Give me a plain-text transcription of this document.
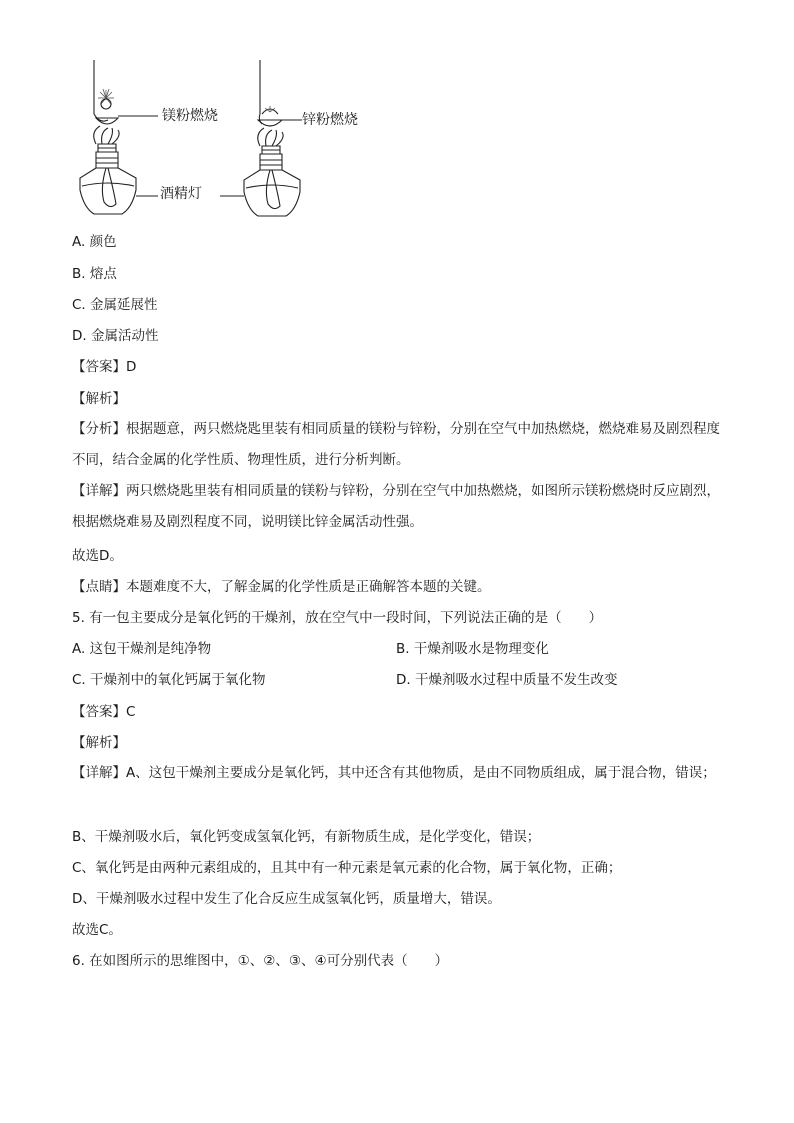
镁粉燃烧	锌粉燃烧
酒精灯
A. 颜色
B. 熔点
C. 金属延展性
D. 金属活动性
【答案】D
【解析】
【分析】根据题意，两只燃烧匙里装有相同质量的镁粉与锌粉，分别在空气中加热燃烧，燃烧难易及剧烈程度不同，结合金属的化学性质、物理性质，进行分析判断。
【详解】两只燃烧匙里装有相同质量的镁粉与锌粉，分别在空气中加热燃烧，如图所示镁粉燃烧时反应剧烈，根据燃烧难易及剧烈程度不同，说明镁比锌金属活动性强。
故选D。
【点睛】本题难度不大，了解金属的化学性质是正确解答本题的关键。
5. 有一包主要成分是氧化钙的干燥剂，放在空气中一段时间，下列说法正确的是（　　）
A. 这包干燥剂是纯净物	B. 干燥剂吸水是物理变化
C. 干燥剂中的氧化钙属于氧化物	D. 干燥剂吸水过程中质量不发生改变
【答案】C
【解析】
【详解】A、这包干燥剂主要成分是氧化钙，其中还含有其他物质，是由不同物质组成，属于混合物，错误；
B、干燥剂吸水后，氧化钙变成氢氧化钙，有新物质生成，是化学变化，错误；
C、氧化钙是由两种元素组成的，且其中有一种元素是氧元素的化合物，属于氧化物，正确；
D、干燥剂吸水过程中发生了化合反应生成氢氧化钙，质量增大，错误。
故选C。
6. 在如图所示的思维图中，①、②、③、④可分别代表（　　）
